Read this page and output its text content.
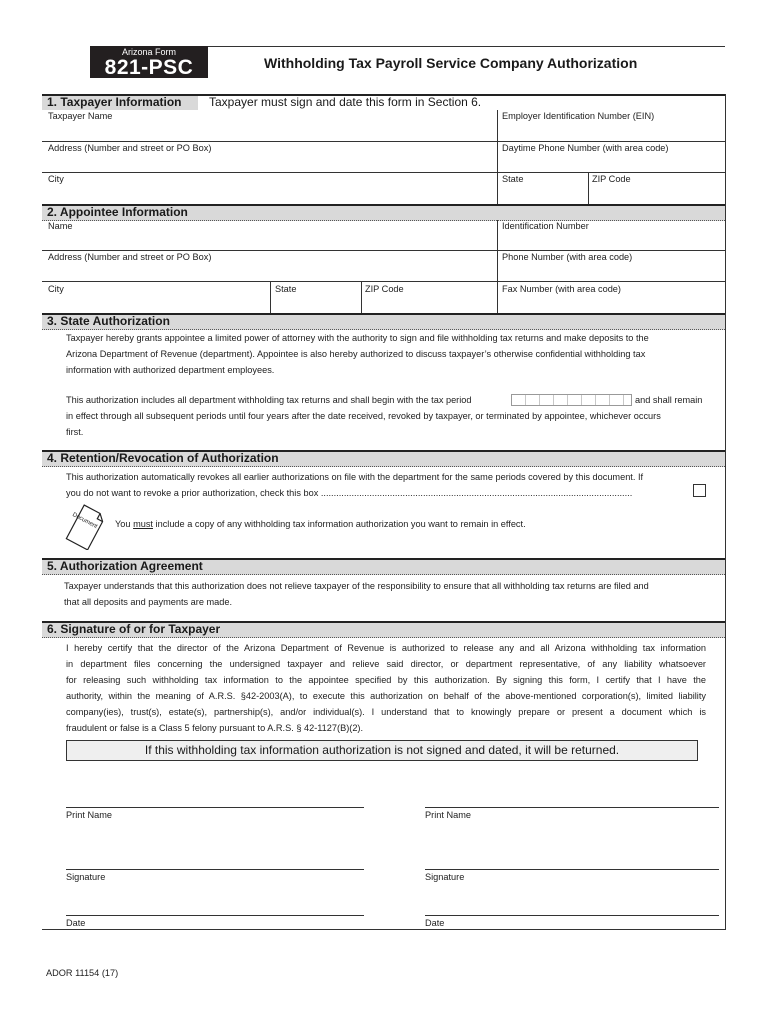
Arizona Form
821-PSC	Withholding Tax Payroll Service Company Authorization
1. Taxpayer Information Taxpayer must sign and date this form in Section 6.
Taxpayer Name	Employer Identification Number (EIN)
Address (Number and street or PO Box)	Daytime Phone Number (with area code)
City	State	ZIP Code
2. Appointee Information
Name	Identification Number
Address (Number and street or PO Box)	Phone Number (with area code)
City	State	ZIP Code	Fax Number (with area code)
3. State Authorization
Taxpayer hereby grants appointee a limited power of attorney with the authority to sign and file withholding tax returns and make deposits to the
Arizona Department of Revenue (department). Appointee is also hereby authorized to discuss taxpayer’s otherwise confidential withholding tax
information with authorized department employees.
This authorization includes all department withholding tax returns and shall begin with the tax period	and shall remain
in effect through all subsequent periods until four years after the date received, revoked by taxpayer, or terminated by appointee, whichever occurs
first.
4. Retention/Revocation of Authorization
This authorization automatically revokes all earlier authorizations on file with the department for the same periods covered by this document. If
you do not want to revoke a prior authorization, check this box ..........................................................................................................................
Document You must include a copy of any withholding tax information authorization you want to remain in effect.
5. Authorization Agreement
Taxpayer understands that this authorization does not relieve taxpayer of the responsibility to ensure that all withholding tax returns are filed and
that all deposits and payments are made.
6. Signature of or for Taxpayer
I hereby certify that the director of the Arizona Department of Revenue is authorized to release any and all Arizona withholding tax information
in department files concerning the undersigned taxpayer and relieve said director, or department representative, of any liability whatsoever
for releasing such withholding tax information to the appointee specified by this authorization. By signing this form, I certify that I have the
authority, within the meaning of A.R.S. §42-2003(A), to execute this authorization on behalf of the above-mentioned corporation(s), limited liability
company(ies), trust(s), estate(s), partnership(s), and/or individual(s). I understand that to knowingly prepare or present a document which is
fraudulent or false is a Class 5 felony pursuant to A.R.S. § 42-1127(B)(2).
If this withholding tax information authorization is not signed and dated, it will be returned.
Print Name	Print Name
Signature	Signature
Date	Date
ADOR 11154 (17)
